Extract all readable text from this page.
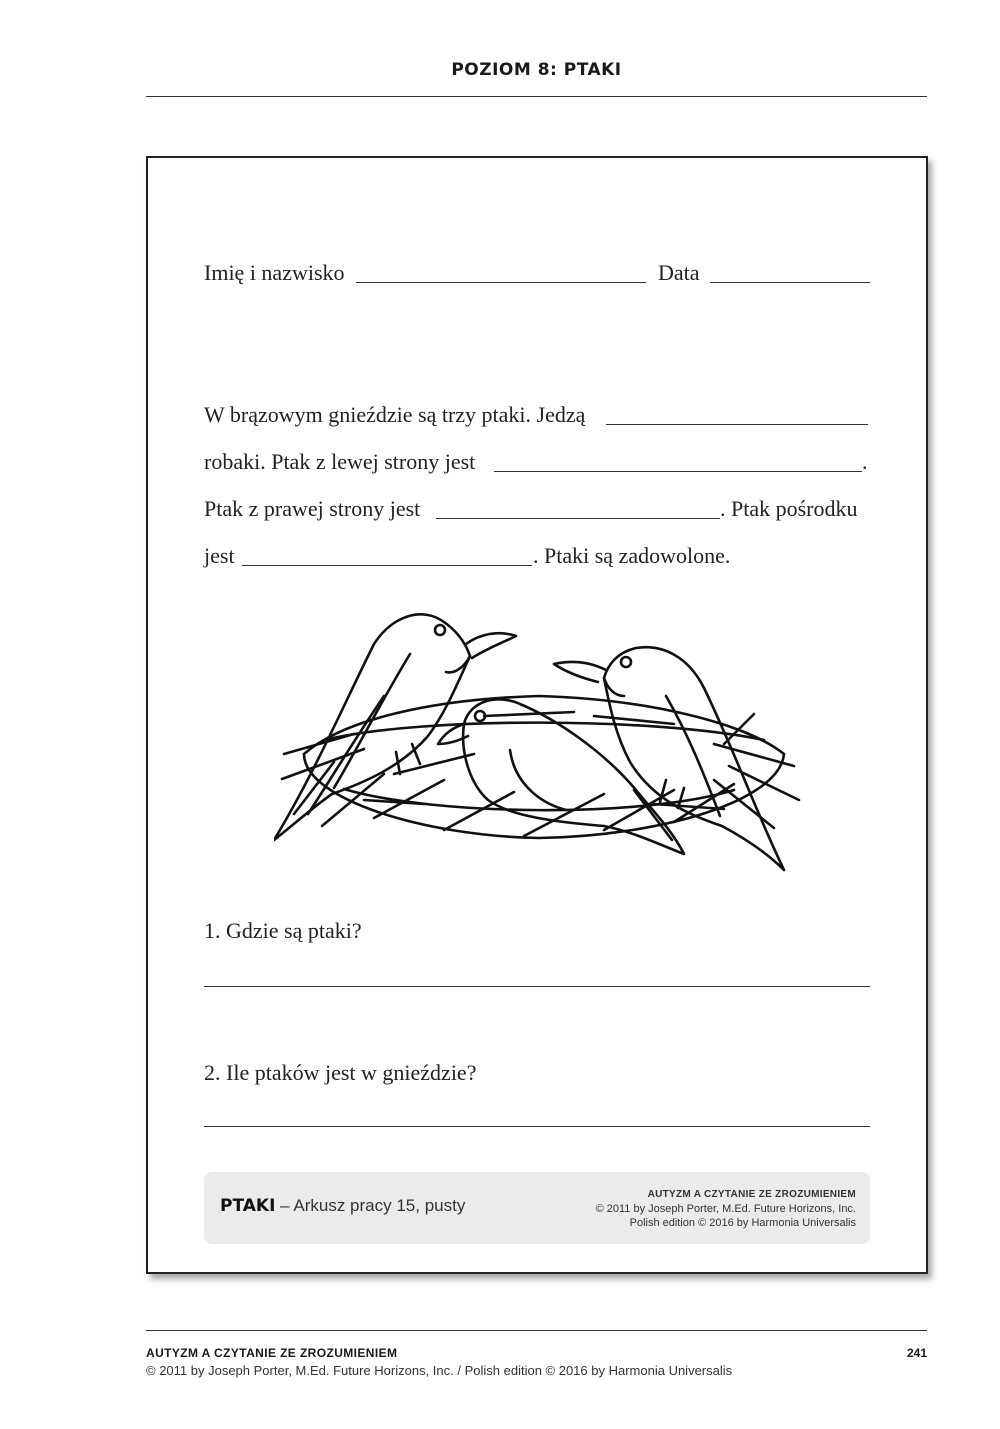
POZIOM 8: PTAKI
Imię i nazwisko	Data
W brązowym gnieździe są trzy ptaki. Jedzą
robaki. Ptak z lewej strony jest	.
Ptak z prawej strony jest	. Ptak pośrodku
jest	. Ptaki są zadowolone.
1. Gdzie są ptaki?
2. Ile ptaków jest w gnieździe?
PTAKI – Arkusz pracy 15, pusty
AUTYZM A CZYTANIE ZE ZROZUMIENIEM
© 2011 by Joseph Porter, M.Ed. Future Horizons, Inc.
Polish edition © 2016 by Harmonia Universalis
AUTYZM A CZYTANIE ZE ZROZUMIENIEM
© 2011 by Joseph Porter, M.Ed. Future Horizons, Inc. / Polish edition © 2016 by Harmonia Universalis
241
